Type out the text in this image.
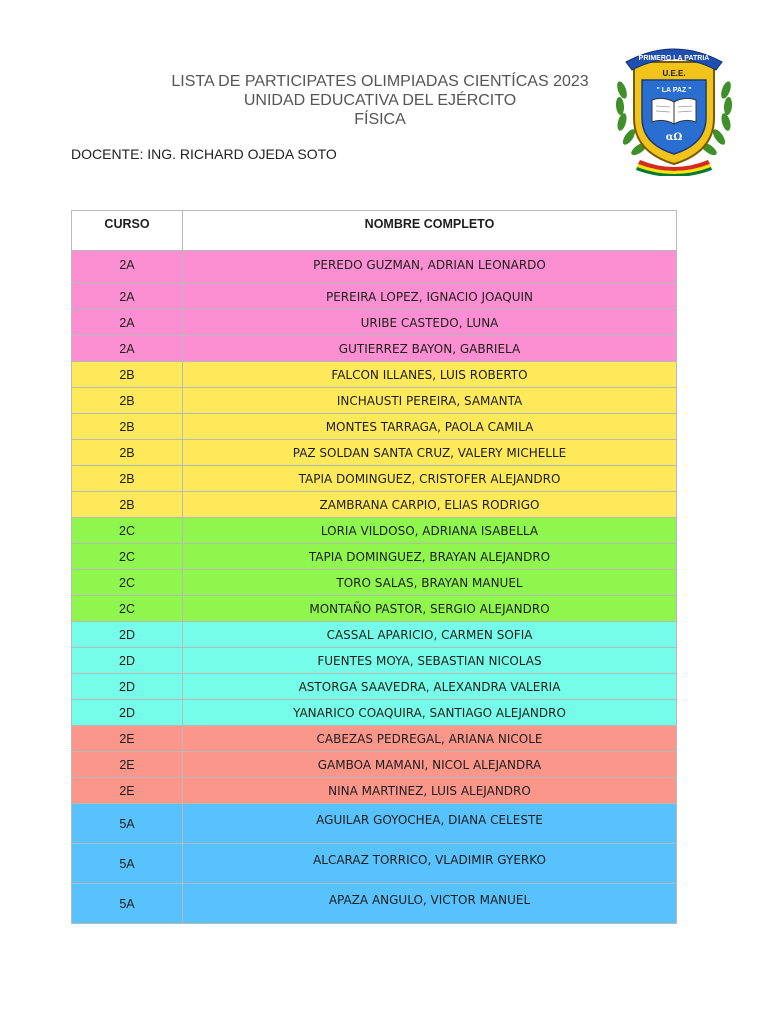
LISTA DE PARTICIPATES OLIMPIADAS CIENTÍCAS 2023
UNIDAD EDUCATIVA DEL EJÉRCITO
FÍSICA
DOCENTE: ING. RICHARD OJEDA SOTO
PRIMERO LA PATRIA
U.E.E.
" LA PAZ "
αΩ
CURSO	NOMBRE COMPLETO
2A	PEREDO GUZMAN, ADRIAN LEONARDO
2A	PEREIRA LOPEZ, IGNACIO JOAQUIN
2A	URIBE CASTEDO, LUNA
2A	GUTIERREZ BAYON, GABRIELA
2B	FALCON ILLANES, LUIS ROBERTO
2B	INCHAUSTI PEREIRA, SAMANTA
2B	MONTES TARRAGA, PAOLA CAMILA
2B	PAZ SOLDAN SANTA CRUZ, VALERY MICHELLE
2B	TAPIA DOMINGUEZ, CRISTOFER ALEJANDRO
2B	ZAMBRANA CARPIO, ELIAS RODRIGO
2C	LORIA VILDOSO, ADRIANA ISABELLA
2C	TAPIA DOMINGUEZ, BRAYAN ALEJANDRO
2C	TORO SALAS, BRAYAN MANUEL
2C	MONTAÑO PASTOR, SERGIO ALEJANDRO
2D	CASSAL APARICIO, CARMEN SOFIA
2D	FUENTES MOYA, SEBASTIAN NICOLAS
2D	ASTORGA SAAVEDRA, ALEXANDRA VALERIA
2D	YANARICO COAQUIRA, SANTIAGO ALEJANDRO
2E	CABEZAS PEDREGAL, ARIANA NICOLE
2E	GAMBOA MAMANI, NICOL ALEJANDRA
2E	NINA MARTINEZ, LUIS ALEJANDRO
5A	AGUILAR GOYOCHEA, DIANA CELESTE
5A	ALCARAZ TORRICO, VLADIMIR GYERKO
5A	APAZA ANGULO, VICTOR MANUEL
